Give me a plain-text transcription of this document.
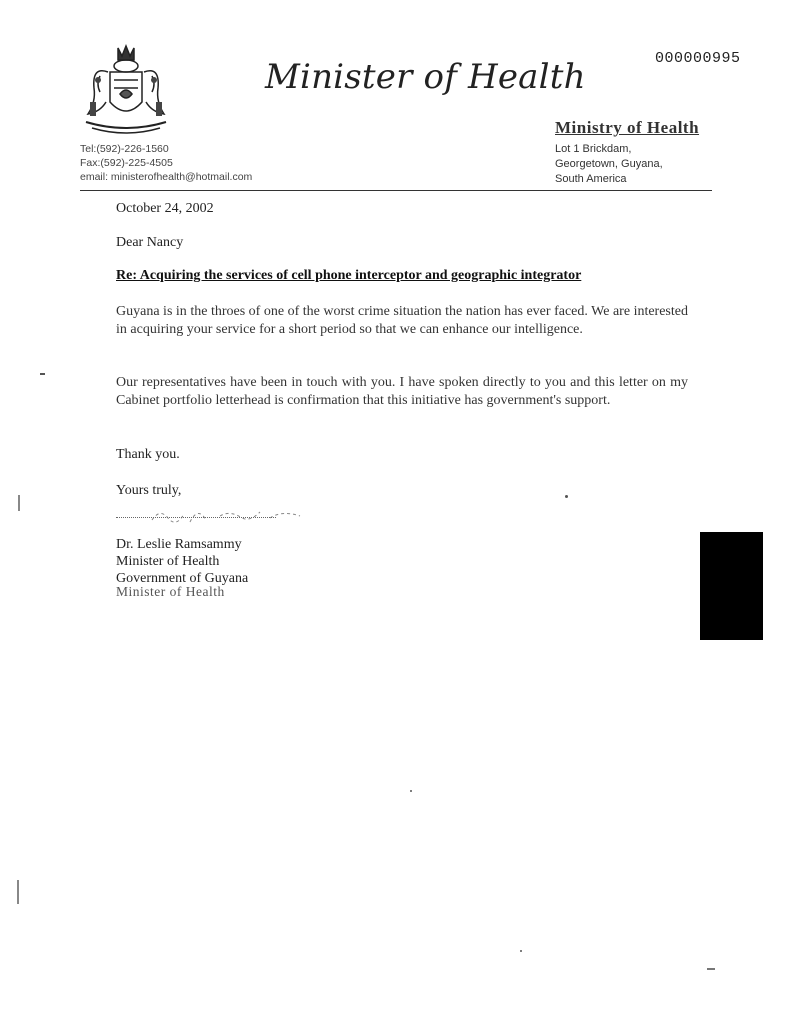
000000995
Minister of Health
Tel:(592)-226-1560
Fax:(592)-225-4505
email: ministerofhealth@hotmail.com
Ministry of Health
Lot 1 Brickdam,
Georgetown, Guyana,
South America
October 24, 2002
Dear Nancy
Re: Acquiring the services of cell phone interceptor and geographic integrator
Guyana is in the throes of one of the worst crime situation the nation has ever faced. We are interested in acquiring your service for a short period so that we can enhance our intelligence.
Our representatives have been in touch with you. I have spoken directly to you and this letter on my Cabinet portfolio letterhead is confirmation that this initiative has government's support.
Thank you.
Yours truly,
Dr. Leslie Ramsammy
Minister of Health
Government of Guyana
Minister of Health
